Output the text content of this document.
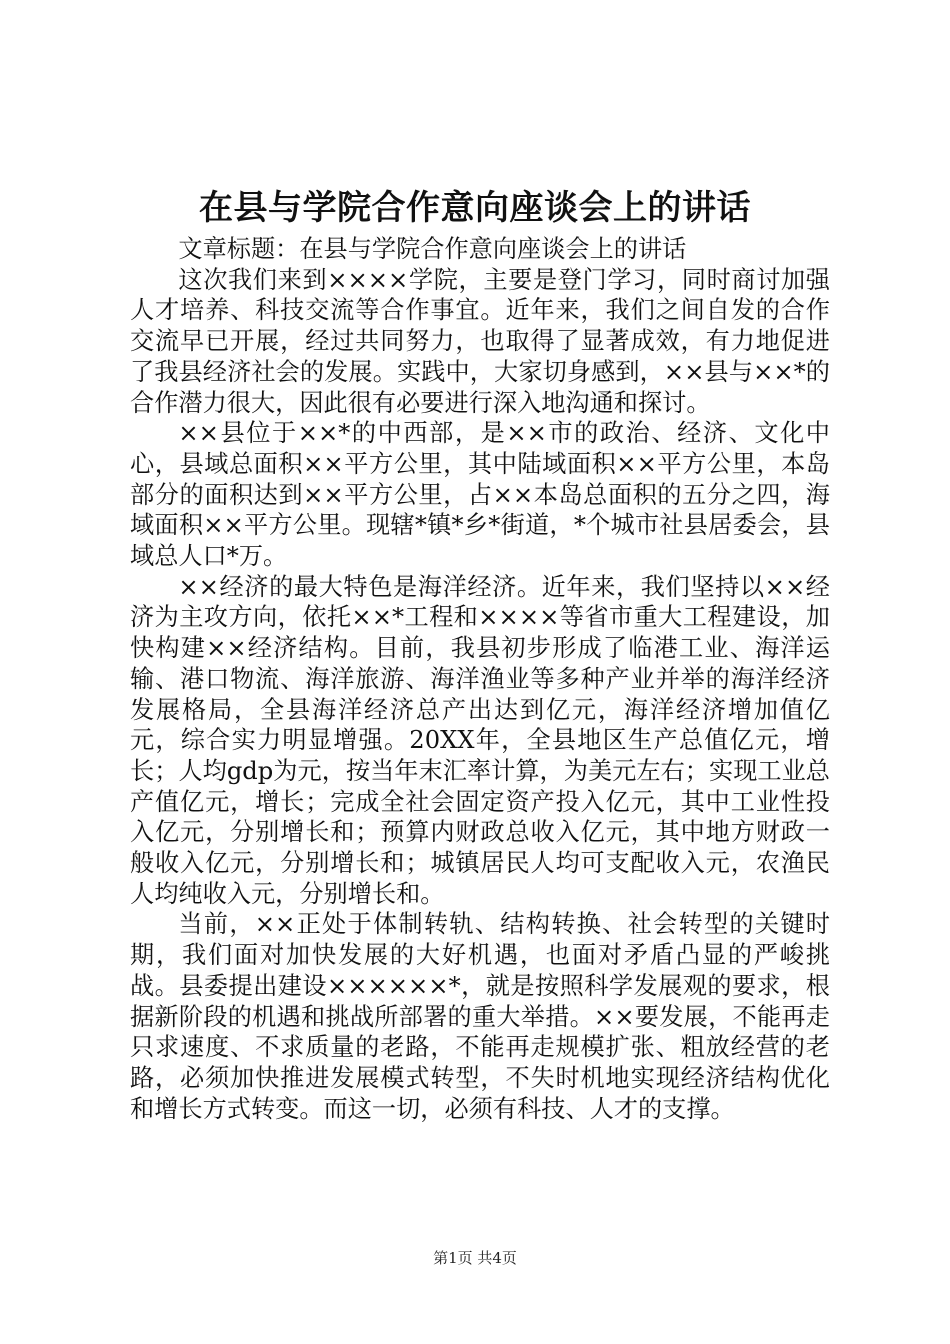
在县与学院合作意向座谈会上的讲话

文章标题：在县与学院合作意向座谈会上的讲话

这次我们来到××××学院，主要是登门学习，同时商讨加强人才培养、科技交流等合作事宜。近年来，我们之间自发的合作交流早已开展，经过共同努力，也取得了显著成效，有力地促进了我县经济社会的发展。实践中，大家切身感到，××县与××*的合作潜力很大，因此很有必要进行深入地沟通和探讨。

××县位于××*的中西部，是××市的政治、经济、文化中心，县域总面积××平方公里，其中陆域面积××平方公里，本岛部分的面积达到××平方公里，占××本岛总面积的五分之四，海域面积××平方公里。现辖*镇*乡*街道，*个城市社县居委会，县域总人口*万。

××经济的最大特色是海洋经济。近年来，我们坚持以××经济为主攻方向，依托××*工程和××××等省市重大工程建设，加快构建××经济结构。目前，我县初步形成了临港工业、海洋运输、港口物流、海洋旅游、海洋渔业等多种产业并举的海洋经济发展格局，全县海洋经济总产出达到亿元，海洋经济增加值亿元，综合实力明显增强。20XX年，全县地区生产总值亿元，增长；人均gdp为元，按当年末汇率计算，为美元左右；实现工业总产值亿元，增长；完成全社会固定资产投入亿元，其中工业性投入亿元，分别增长和；预算内财政总收入亿元，其中地方财政一般收入亿元，分别增长和；城镇居民人均可支配收入元，农渔民人均纯收入元，分别增长和。

当前，××正处于体制转轨、结构转换、社会转型的关键时期，我们面对加快发展的大好机遇，也面对矛盾凸显的严峻挑战。县委提出建设××××××*，就是按照科学发展观的要求，根据新阶段的机遇和挑战所部署的重大举措。××要发展，不能再走只求速度、不求质量的老路，不能再走规模扩张、粗放经营的老路，必须加快推进发展模式转型，不失时机地实现经济结构优化和增长方式转变。而这一切，必须有科技、人才的支撑。

第1页 共4页
